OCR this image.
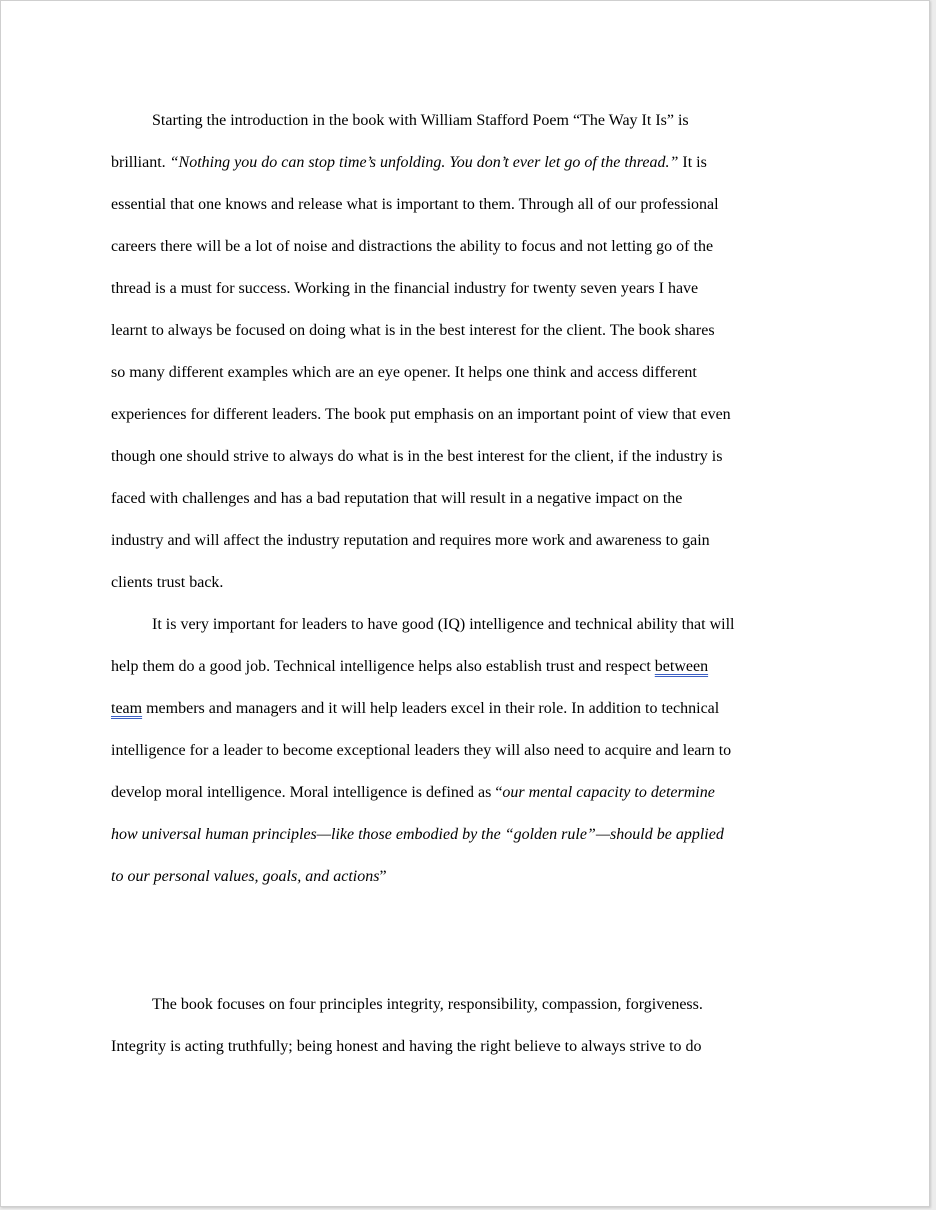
Starting the introduction in the book with William Stafford Poem “The Way It Is” is
brilliant. “Nothing you do can stop time’s unfolding. You don’t ever let go of the thread.” It is
essential that one knows and release what is important to them. Through all of our professional
careers there will be a lot of noise and distractions the ability to focus and not letting go of the
thread is a must for success. Working in the financial industry for twenty seven years I have
learnt to always be focused on doing what is in the best interest for the client. The book shares
so many different examples which are an eye opener. It helps one think and access different
experiences for different leaders. The book put emphasis on an important point of view that even
though one should strive to always do what is in the best interest for the client, if the industry is
faced with challenges and has a bad reputation that will result in a negative impact on the
industry and will affect the industry reputation and requires more work and awareness to gain
clients trust back.

It is very important for leaders to have good (IQ) intelligence and technical ability that will
help them do a good job. Technical intelligence helps also establish trust and respect between
team members and managers and it will help leaders excel in their role. In addition to technical
intelligence for a leader to become exceptional leaders they will also need to acquire and learn to
develop moral intelligence. Moral intelligence is defined as “our mental capacity to determine
how universal human principles—like those embodied by the “golden rule”—should be applied
to our personal values, goals, and actions”

The book focuses on four principles integrity, responsibility, compassion, forgiveness.
Integrity is acting truthfully; being honest and having the right believe to always strive to do
